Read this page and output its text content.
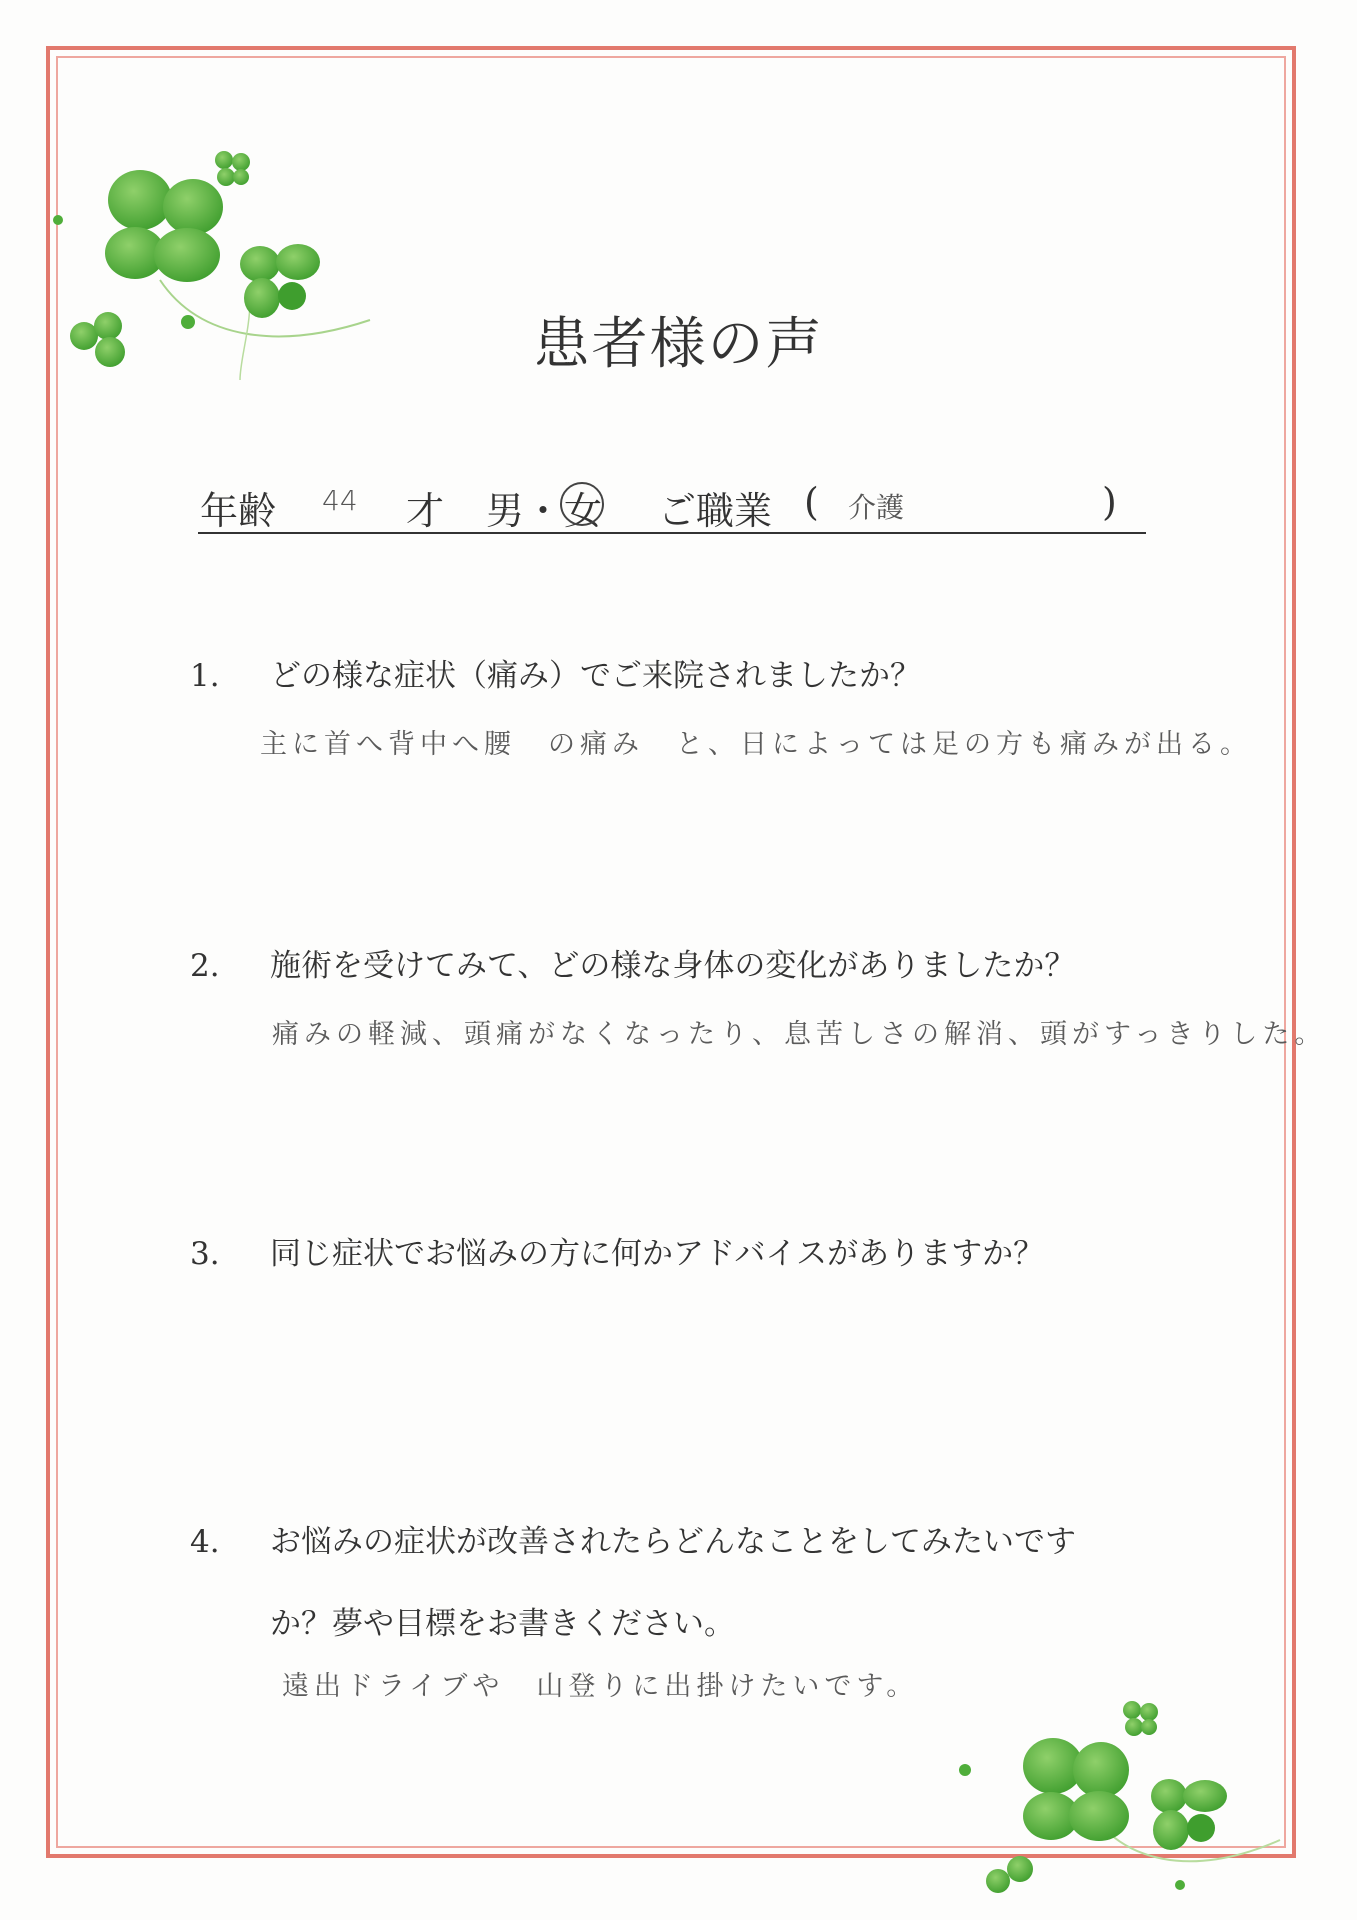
患者様の声
年齢 44 才 男 ・ 女 ご職業 ( 介護	)
1. どの様な症状（痛み）でご来院されましたか？
主に首へ背中へ腰　の痛み　と、日によっては足の方も痛みが出る。
2. 施術を受けてみて、どの様な身体の変化がありましたか？
痛みの軽減、頭痛がなくなったり、息苦しさの解消、頭がすっきりした。
3. 同じ症状でお悩みの方に何かアドバイスがありますか？
4. お悩みの症状が改善されたらどんなことをしてみたいです
か？夢や目標をお書きください。
遠出ドライブや　山登りに出掛けたいです。
